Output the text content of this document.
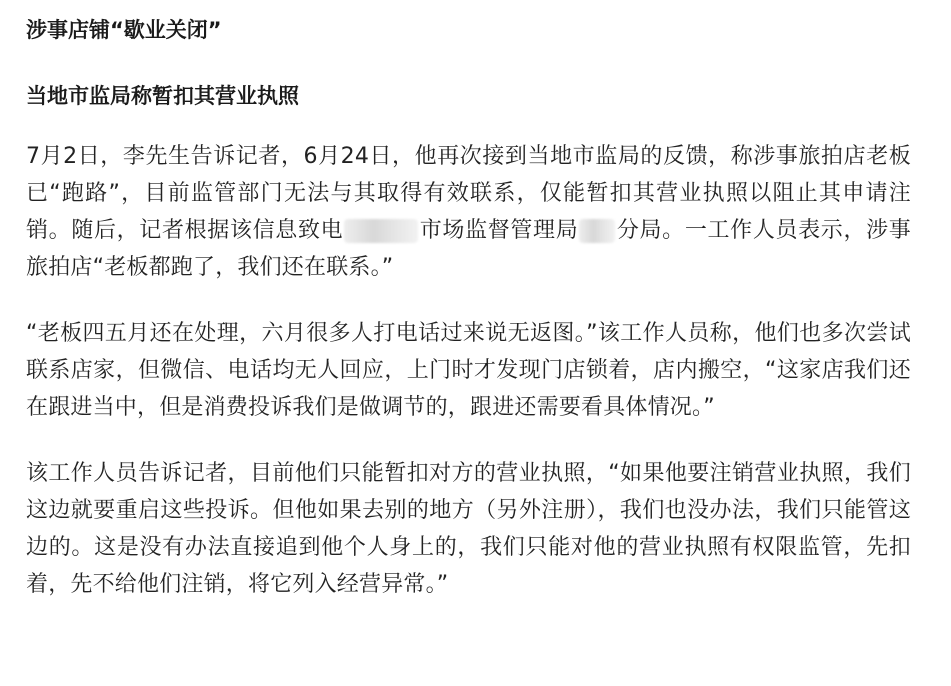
涉事店铺“歇业关闭”

当地市监局称暂扣其营业执照

7月2日，李先生告诉记者，6月24日，他再次接到当地市监局的反馈，称涉事旅拍店老板已“跑路”，目前监管部门无法与其取得有效联系，仅能暂扣其营业执照以阻止其申请注销。随后，记者根据该信息致电	市场监督管理局 分局。一工作人员表示，涉事旅拍店“老板都跑了，我们还在联系。”

“老板四五月还在处理，六月很多人打电话过来说无返图。”该工作人员称，他们也多次尝试联系店家，但微信、电话均无人回应，上门时才发现门店锁着，店内搬空，“这家店我们还在跟进当中，但是消费投诉我们是做调节的，跟进还需要看具体情况。”

该工作人员告诉记者，目前他们只能暂扣对方的营业执照，“如果他要注销营业执照，我们这边就要重启这些投诉。但他如果去别的地方（另外注册），我们也没办法，我们只能管这边的。这是没有办法直接追到他个人身上的，我们只能对他的营业执照有权限监管，先扣着，先不给他们注销，将它列入经营异常。”
